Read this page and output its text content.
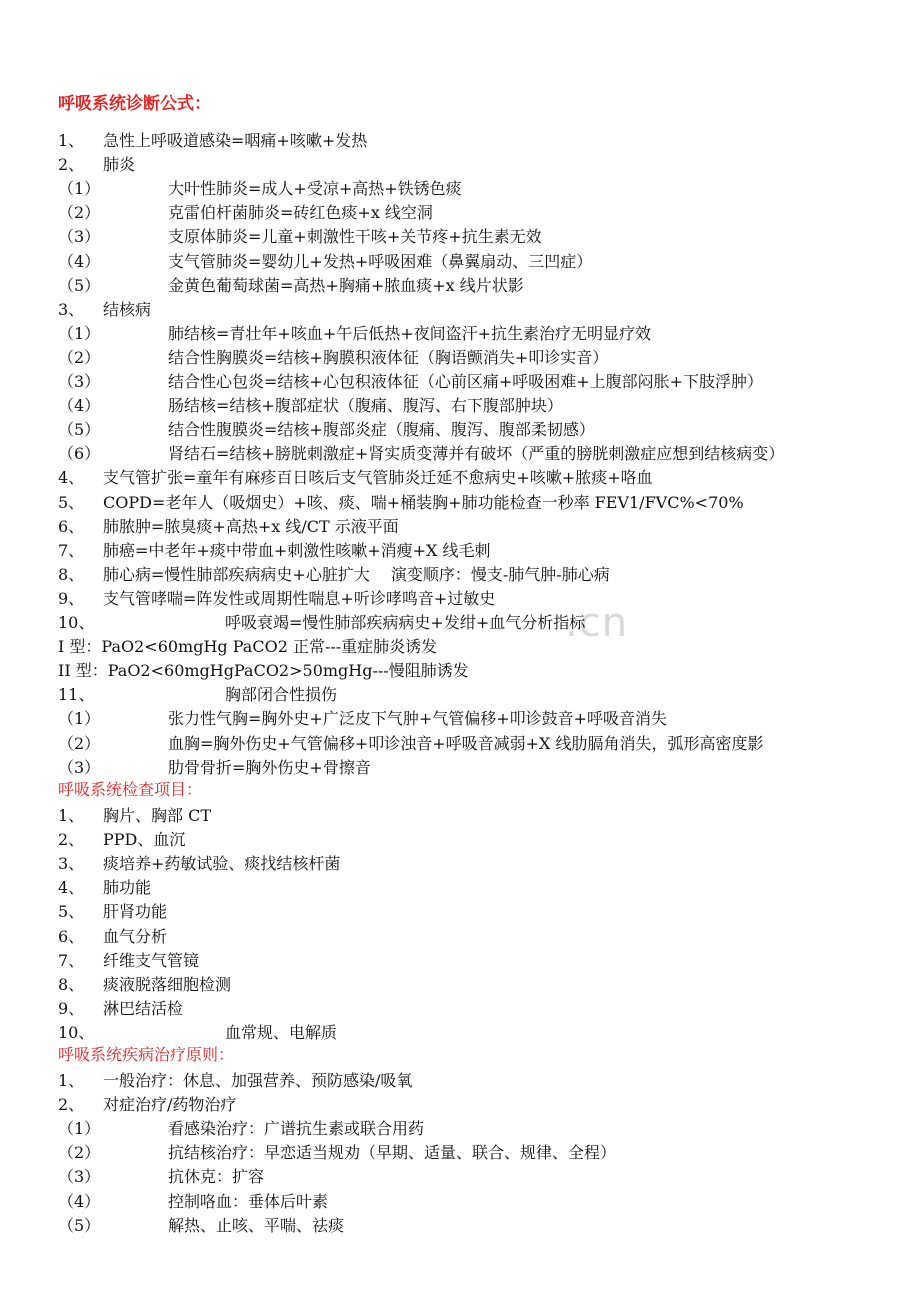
.cn
呼吸系统诊断公式：
1、 急性上呼吸道感染=咽痛+咳嗽+发热
2、 肺炎
（1）	大叶性肺炎=成人+受凉+高热+铁锈色痰
（2）	克雷伯杆菌肺炎=砖红色痰+x 线空洞
（3）	支原体肺炎=儿童+刺激性干咳+关节疼+抗生素无效
（4）	支气管肺炎=婴幼儿+发热+呼吸困难（鼻翼扇动、三凹症）
（5）	金黄色葡萄球菌=高热+胸痛+脓血痰+x 线片状影
3、 结核病
（1）	肺结核=青壮年+咳血+午后低热+夜间盗汗+抗生素治疗无明显疗效
（2）	结合性胸膜炎=结核+胸膜积液体征（胸语颤消失+叩诊实音）
（3）	结合性心包炎=结核+心包积液体征（心前区痛+呼吸困难+上腹部闷胀+下肢浮肿）
（4）	肠结核=结核+腹部症状（腹痛、腹泻、右下腹部肿块）
（5）	结合性腹膜炎=结核+腹部炎症（腹痛、腹泻、腹部柔韧感）
（6）	肾结石=结核+膀胱刺激症+肾实质变薄并有破坏（严重的膀胱刺激症应想到结核病变）
4、 支气管扩张=童年有麻疹百日咳后支气管肺炎迁延不愈病史+咳嗽+脓痰+咯血
5、 COPD=老年人（吸烟史）+咳、痰、喘+桶装胸+肺功能检查一秒率 FEV1/FVC%<70%
6、 肺脓肿=脓臭痰+高热+x 线/CT 示液平面
7、 肺癌=中老年+痰中带血+刺激性咳嗽+消瘦+X 线毛刺
8、 肺心病=慢性肺部疾病病史+心脏扩大　 演变顺序：慢支-肺气肿-肺心病
9、 支气管哮喘=阵发性或周期性喘息+听诊哮鸣音+过敏史
10、	呼吸衰竭=慢性肺部疾病病史+发绀+血气分析指标
I 型：PaO2<60mgHg PaCO2 正常---重症肺炎诱发
II 型：PaO2<60mgHgPaCO2>50mgHg---慢阻肺诱发
11、	胸部闭合性损伤
（1）	张力性气胸=胸外史+广泛皮下气肿+气管偏移+叩诊鼓音+呼吸音消失
（2）	血胸=胸外伤史+气管偏移+叩诊浊音+呼吸音减弱+X 线肋膈角消失，弧形高密度影
（3）	肋骨骨折=胸外伤史+骨擦音
呼吸系统检查项目：
1、 胸片、胸部 CT
2、 PPD、血沉
3、 痰培养+药敏试验、痰找结核杆菌
4、 肺功能
5、 肝肾功能
6、 血气分析
7、 纤维支气管镜
8、 痰液脱落细胞检测
9、 淋巴结活检
10、	血常规、电解质
呼吸系统疾病治疗原则：
1、 一般治疗：休息、加强营养、预防感染/吸氧
2、 对症治疗/药物治疗
（1）	看感染治疗：广谱抗生素或联合用药
（2）	抗结核治疗：早恋适当规劝（早期、适量、联合、规律、全程）
（3）	抗休克：扩容
（4）	控制咯血：垂体后叶素
（5）	解热、止咳、平喘、祛痰
